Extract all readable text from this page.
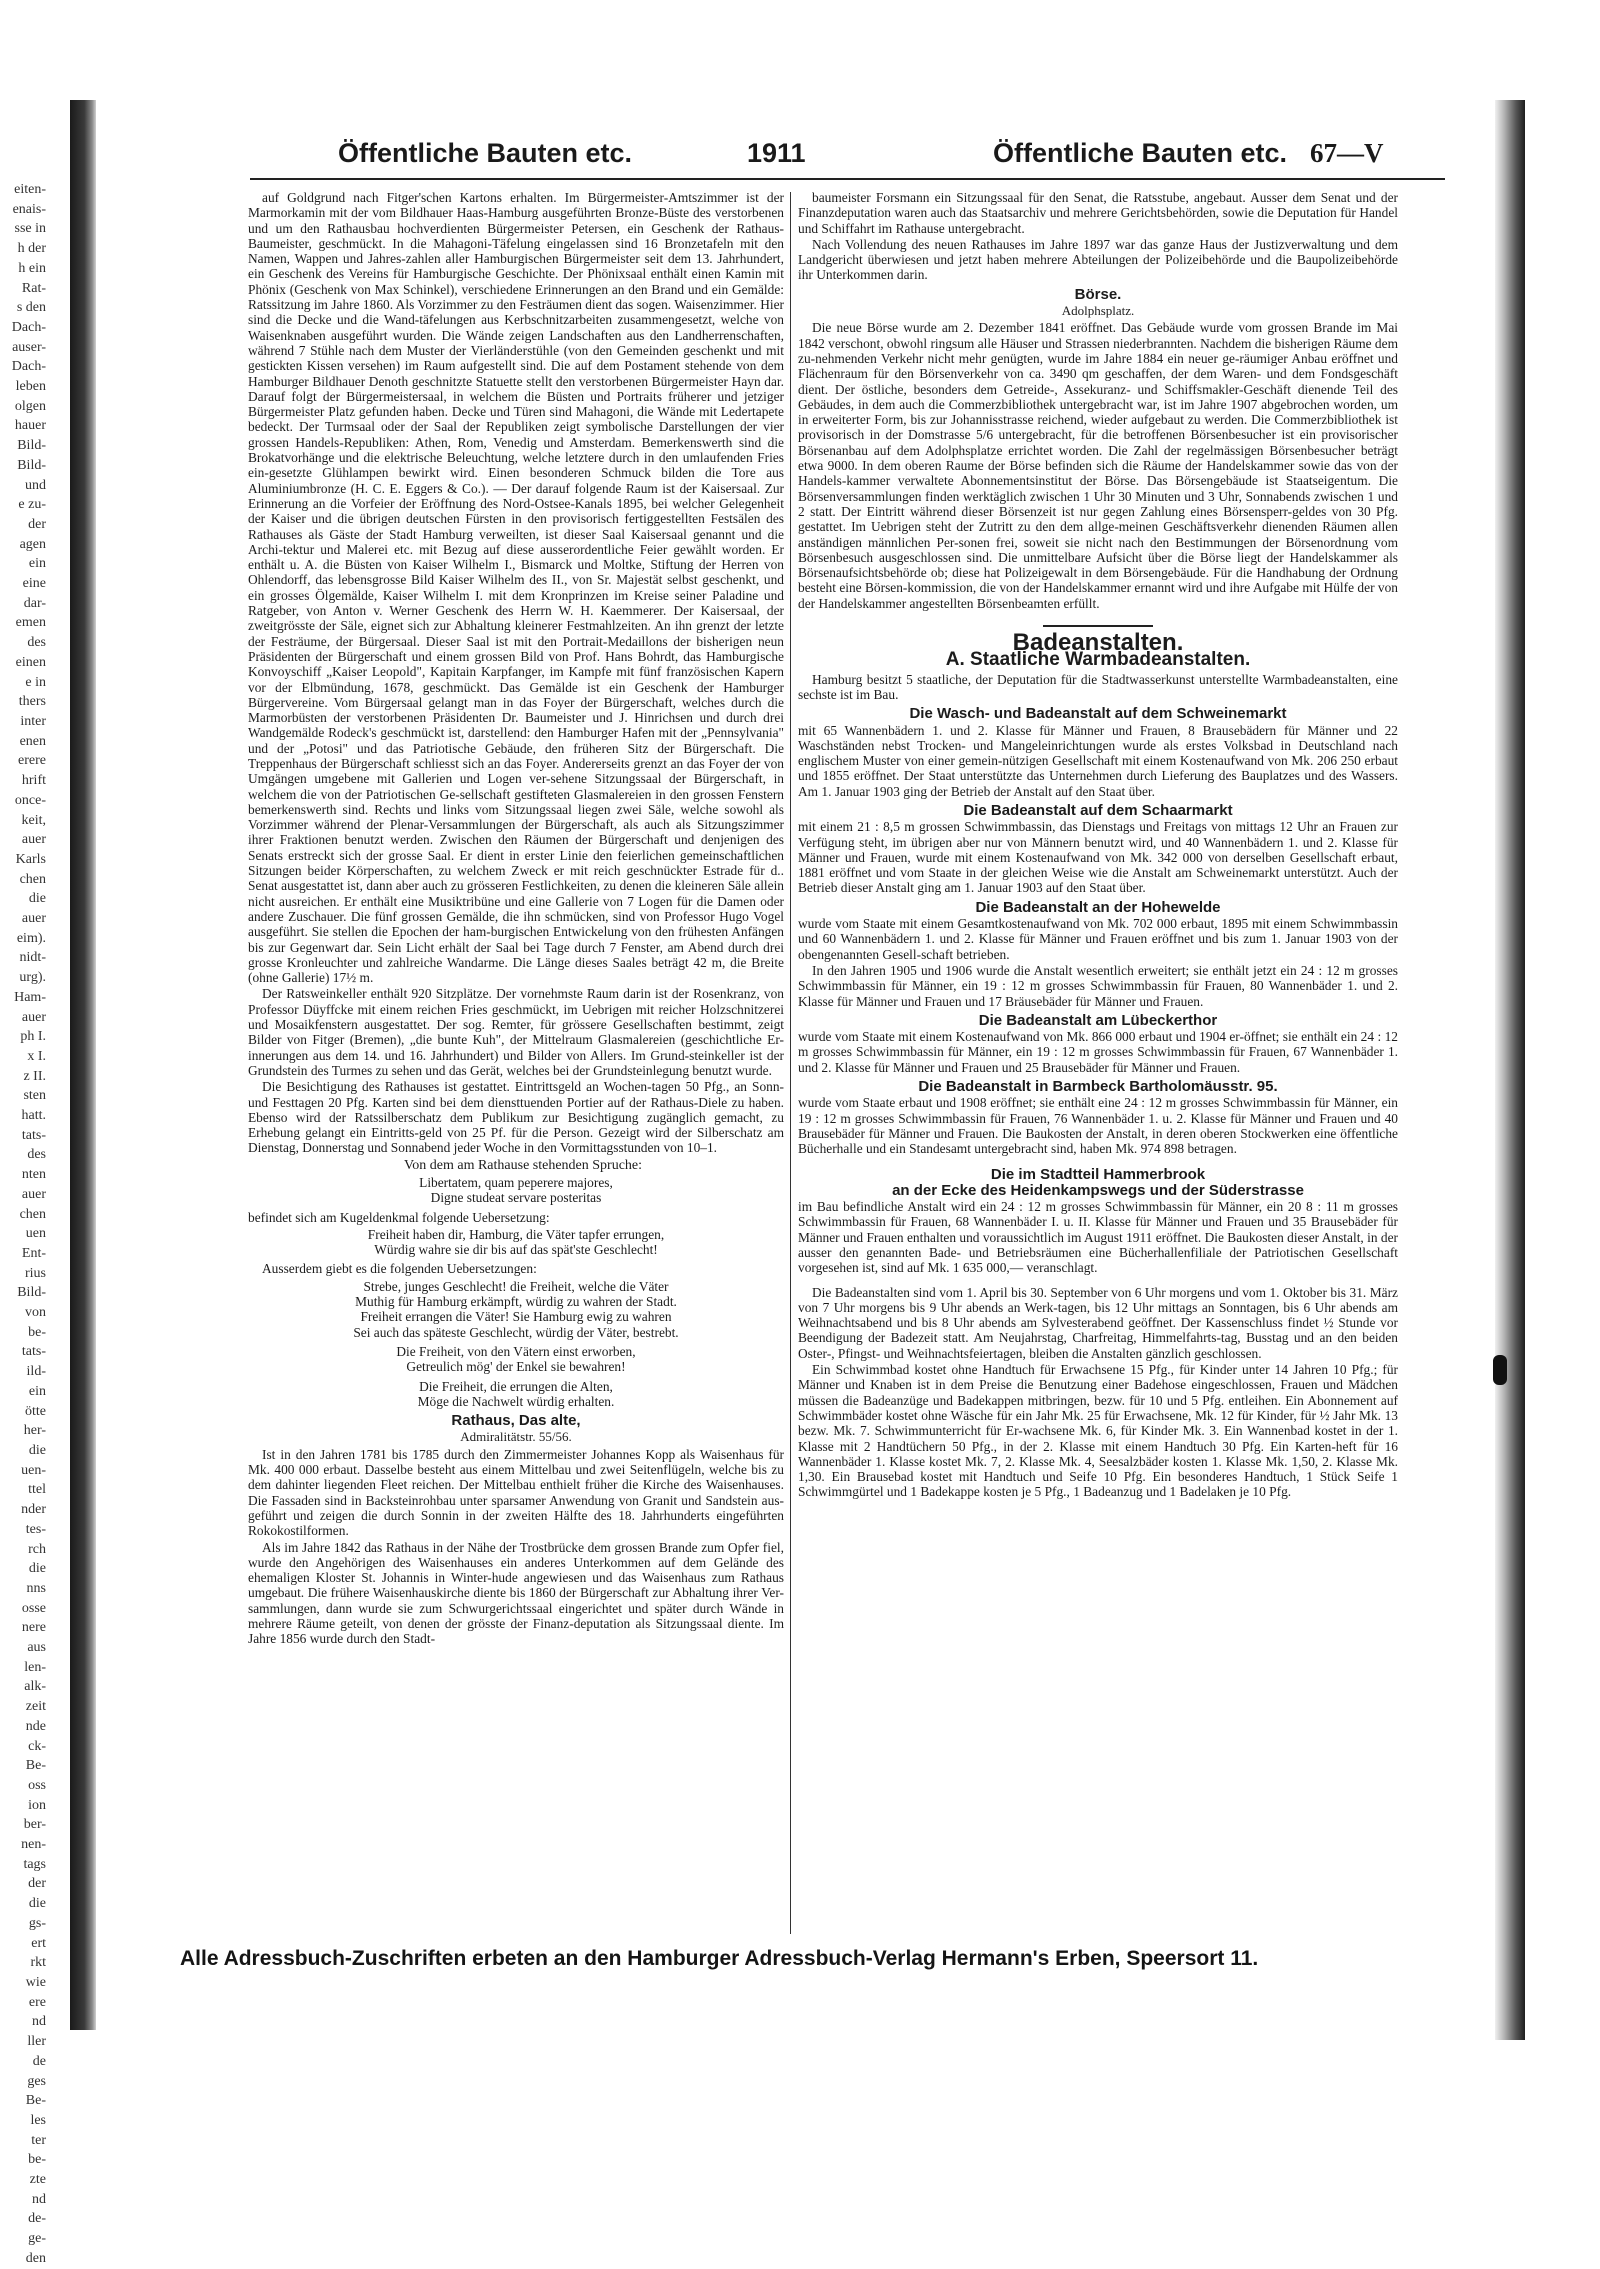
eiten-
enais-
sse in
h der
h ein
Rat-
s den
Dach-
auser-
Dach-
leben
olgen
hauer
Bild-
Bild-
und
e zu-
der
agen
ein
eine
dar-
emen
des
einen
e in
thers
inter
enen
erere
hrift
once-
keit,
auer
Karls
chen
die
auer
eim).
nidt-
urg).
Ham-
auer
ph I.
x I.
z II.
sten
hatt.
tats-
des
nten
auer
chen
uen
Ent-
rius
Bild-
von
be-
tats-
ild-
ein
ötte
her-
die
uen-
ttel
nder
tes-
rch
die
nns
osse
nere
aus
len-
alk-
zeit
nde
ck-
Be-
oss
ion
ber-
nen-
tags
der
die
gs-
ert
rkt
wie
ere
nd
ller
de
ges
Be-
les
ter
be-
zte
nd
de-
ge-
den
Öffentliche Bauten etc.	1911	Öffentliche Bauten etc. 67—V

auf Goldgrund nach Fitger'schen Kartons erhalten. Im Bürgermeister-Amtszimmer ist der Marmorkamin mit der vom Bildhauer Haas-Hamburg ausgeführten Bronze-Büste des verstorbenen und um den Rathausbau hochverdienten Bürgermeister Petersen, ein Geschenk der Rathaus-Baumeister, geschmückt. In die Mahagoni-Täfelung eingelassen sind 16 Bronzetafeln mit den Namen, Wappen und Jahres-zahlen aller Hamburgischen Bürgermeister seit dem 13. Jahrhundert, ein Geschenk des Vereins für Hamburgische Geschichte. Der Phönixsaal enthält einen Kamin mit Phönix (Geschenk von Max Schinkel), verschiedene Erinnerungen an den Brand und ein Gemälde: Ratssitzung im Jahre 1860. Als Vorzimmer zu den Festräumen dient das sogen. Waisenzimmer. Hier sind die Decke und die Wand-täfelungen aus Kerbschnitzarbeiten zusammengesetzt, welche von Waisenknaben ausgeführt wurden. Die Wände zeigen Landschaften aus den Landherrenschaften, während 7 Stühle nach dem Muster der Vierländerstühle (von den Gemeinden geschenkt und mit gestickten Kissen versehen) im Raum aufgestellt sind. Die auf dem Postament stehende von dem Hamburger Bildhauer Denoth geschnitzte Statuette stellt den verstorbenen Bürgermeister Hayn dar. Darauf folgt der Bürgermeistersaal, in welchem die Büsten und Portraits früherer und jetziger Bürgermeister Platz gefunden haben. Decke und Türen sind Mahagoni, die Wände mit Ledertapete bedeckt. Der Turmsaal oder der Saal der Republiken zeigt symbolische Darstellungen der vier grossen Handels-Republiken: Athen, Rom, Venedig und Amsterdam. Bemerkenswerth sind die Brokatvorhänge und die elektrische Beleuchtung, welche letztere durch in den umlaufenden Fries ein-gesetzte Glühlampen bewirkt wird. Einen besonderen Schmuck bilden die Tore aus Aluminiumbronze (H. C. E. Eggers & Co.). — Der darauf folgende Raum ist der Kaisersaal. Zur Erinnerung an die Vorfeier der Eröffnung des Nord-Ostsee-Kanals 1895, bei welcher Gelegenheit der Kaiser und die übrigen deutschen Fürsten in den provisorisch fertiggestellten Festsälen des Rathauses als Gäste der Stadt Hamburg verweilten, ist dieser Saal Kaisersaal genannt und die Archi-tektur und Malerei etc. mit Bezug auf diese ausserordentliche Feier gewählt worden. Er enthält u. A. die Büsten von Kaiser Wilhelm I., Bismarck und Moltke, Stiftung der Herren von Ohlendorff, das lebensgrosse Bild Kaiser Wilhelm des II., von Sr. Majestät selbst geschenkt, und ein grosses Ölgemälde, Kaiser Wilhelm I. mit dem Kronprinzen im Kreise seiner Paladine und Ratgeber, von Anton v. Werner Geschenk des Herrn W. H. Kaemmerer. Der Kaisersaal, der zweitgrösste der Säle, eignet sich zur Abhaltung kleinerer Festmahlzeiten. An ihn grenzt der letzte der Festräume, der Bürgersaal. Dieser Saal ist mit den Portrait-Medaillons der bisherigen neun Präsidenten der Bürgerschaft und einem grossen Bild von Prof. Hans Bohrdt, das Hamburgische Konvoyschiff „Kaiser Leopold", Kapitain Karpfanger, im Kampfe mit fünf französischen Kapern vor der Elbmündung, 1678, geschmückt. Das Gemälde ist ein Geschenk der Hamburger Bürgervereine. Vom Bürgersaal gelangt man in das Foyer der Bürgerschaft, welches durch die Marmorbüsten der verstorbenen Präsidenten Dr. Baumeister und J. Hinrichsen und durch drei Wandgemälde Rodeck's geschmückt ist, darstellend: den Hamburger Hafen mit der „Pennsylvania" und der „Potosi" und das Patriotische Gebäude, den früheren Sitz der Bürgerschaft. Die Treppenhaus der Bürgerschaft schliesst sich an das Foyer. Andererseits grenzt an das Foyer der von Umgängen umgebene mit Gallerien und Logen ver-sehene Sitzungssaal der Bürgerschaft, in welchem die von der Patriotischen Ge-sellschaft gestifteten Glasmalereien in den grossen Fenstern bemerkenswerth sind. Rechts und links vom Sitzungssaal liegen zwei Säle, welche sowohl als Vorzimmer während der Plenar-Versammlungen der Bürgerschaft, als auch als Sitzungszimmer ihrer Fraktionen benutzt werden. Zwischen den Räumen der Bürgerschaft und denjenigen des Senats erstreckt sich der grosse Saal. Er dient in erster Linie den feierlichen gemeinschaftlichen Sitzungen beider Körperschaften, zu welchem Zweck er mit reich geschnückter Estrade für d.. Senat ausgestattet ist, dann aber auch zu grösseren Festlichkeiten, zu denen die kleineren Säle allein nicht ausreichen. Er enthält eine Musiktribüne und eine Gallerie von 7 Logen für die Damen oder andere Zuschauer. Die fünf grossen Gemälde, die ihn schmücken, sind von Professor Hugo Vogel ausgeführt. Sie stellen die Epochen der ham-burgischen Entwickelung von den frühesten Anfängen bis zur Gegenwart dar. Sein Licht erhält der Saal bei Tage durch 7 Fenster, am Abend durch drei grosse Kronleuchter und zahlreiche Wandarme. Die Länge dieses Saales beträgt 42 m, die Breite (ohne Gallerie) 17½ m.

Der Ratsweinkeller enthält 920 Sitzplätze. Der vornehmste Raum darin ist der Rosenkranz, von Professor Düyffcke mit einem reichen Fries geschmückt, im Uebrigen mit reicher Holzschnitzerei und Mosaikfenstern ausgestattet. Der sog. Remter, für grössere Gesellschaften bestimmt, zeigt Bilder von Fitger (Bremen), „die bunte Kuh", der Mittelraum Glasmalereien (geschichtliche Er-innerungen aus dem 14. und 16. Jahrhundert) und Bilder von Allers. Im Grund-steinkeller ist der Grundstein des Turmes zu sehen und das Gerät, welches bei der Grundsteinlegung benutzt wurde.

Die Besichtigung des Rathauses ist gestattet. Eintrittsgeld an Wochen-tagen 50 Pfg., an Sonn- und Festtagen 20 Pfg. Karten sind bei dem diensttuenden Portier auf der Rathaus-Diele zu haben. Ebenso wird der Ratssilberschatz dem Publikum zur Besichtigung zugänglich gemacht, zu Erhebung gelangt ein Eintritts-geld von 25 Pf. für die Person. Gezeigt wird der Silberschatz am Dienstag, Donnerstag und Sonnabend jeder Woche in den Vormittagsstunden von 10–1.

Von dem am Rathause stehenden Spruche:

Libertatem, quam peperere majores,
Digne studeat servare posteritas

befindet sich am Kugeldenkmal folgende Uebersetzung:

Freiheit haben dir, Hamburg, die Väter tapfer errungen,
Würdig wahre sie dir bis auf das spät'ste Geschlecht!

Ausserdem giebt es die folgenden Uebersetzungen:

Strebe, junges Geschlecht! die Freiheit, welche die Väter
Muthig für Hamburg erkämpft, würdig zu wahren der Stadt.
Freiheit errangen die Väter! Sie Hamburg ewig zu wahren
Sei auch das späteste Geschlecht, würdig der Väter, bestrebt.
Die Freiheit, von den Vätern einst erworben,
Getreulich mög' der Enkel sie bewahren!
Die Freiheit, die errungen die Alten,
Möge die Nachwelt würdig erhalten.
Rathaus, Das alte,
Admiralitätstr. 55/56.

Ist in den Jahren 1781 bis 1785 durch den Zimmermeister Johannes Kopp als Waisenhaus für Mk. 400 000 erbaut. Dasselbe besteht aus einem Mittelbau und zwei Seitenflügeln, welche bis zu dem dahinter liegenden Fleet reichen. Der Mittelbau enthielt früher die Kirche des Waisenhauses. Die Fassaden sind in Backsteinrohbau unter sparsamer Anwendung von Granit und Sandstein aus-geführt und zeigen die durch Sonnin in der zweiten Hälfte des 18. Jahrhunderts eingeführten Rokokostilformen.

Als im Jahre 1842 das Rathaus in der Nähe der Trostbrücke dem grossen Brande zum Opfer fiel, wurde den Angehörigen des Waisenhauses ein anderes Unterkommen auf dem Gelände des ehemaligen Kloster St. Johannis in Winter-hude angewiesen und das Waisenhaus zum Rathaus umgebaut. Die frühere Waisenhauskirche diente bis 1860 der Bürgerschaft zur Abhaltung ihrer Ver-sammlungen, dann wurde sie zum Schwurgerichtssaal eingerichtet und später durch Wände in mehrere Räume geteilt, von denen der grösste der Finanz-deputation als Sitzungssaal diente. Im Jahre 1856 wurde durch den Stadt-

baumeister Forsmann ein Sitzungssaal für den Senat, die Ratsstube, angebaut. Ausser dem Senat und der Finanzdeputation waren auch das Staatsarchiv und mehrere Gerichtsbehörden, sowie die Deputation für Handel und Schiffahrt im Rathause untergebracht.

Nach Vollendung des neuen Rathauses im Jahre 1897 war das ganze Haus der Justizverwaltung und dem Landgericht überwiesen und jetzt haben mehrere Abteilungen der Polizeibehörde und die Baupolizeibehörde ihr Unterkommen darin.

Börse.
Adolphsplatz.

Die neue Börse wurde am 2. Dezember 1841 eröffnet. Das Gebäude wurde vom grossen Brande im Mai 1842 verschont, obwohl ringsum alle Häuser und Strassen niederbrannten. Nachdem die bisherigen Räume dem zu-nehmenden Verkehr nicht mehr genügten, wurde im Jahre 1884 ein neuer ge-räumiger Anbau eröffnet und Flächenraum für den Börsenverkehr von ca. 3490 qm geschaffen, der dem Waren- und dem Fondsgeschäft dient. Der östliche, besonders dem Getreide-, Assekuranz- und Schiffsmakler-Geschäft dienende Teil des Gebäudes, in dem auch die Commerzbibliothek untergebracht war, ist im Jahre 1907 abgebrochen worden, um in erweiterter Form, bis zur Johannisstrasse reichend, wieder aufgebaut zu werden. Die Commerzbibliothek ist provisorisch in der Domstrasse 5/6 untergebracht, für die betroffenen Börsenbesucher ist ein provisorischer Börsenanbau auf dem Adolphsplatze errichtet worden. Die Zahl der regelmässigen Börsenbesucher beträgt etwa 9000. In dem oberen Raume der Börse befinden sich die Räume der Handelskammer sowie das von der Handels-kammer verwaltete Abonnementsinstitut der Börse. Das Börsengebäude ist Staatseigentum. Die Börsenversammlungen finden werktäglich zwischen 1 Uhr 30 Minuten und 3 Uhr, Sonnabends zwischen 1 und 2 statt. Der Eintritt während dieser Börsenzeit ist nur gegen Zahlung eines Börsensperr-geldes von 30 Pfg. gestattet. Im Uebrigen steht der Zutritt zu den dem allge-meinen Geschäftsverkehr dienenden Räumen allen anständigen männlichen Per-sonen frei, soweit sie nicht nach den Bestimmungen der Börsenordnung vom Börsenbesuch ausgeschlossen sind. Die unmittelbare Aufsicht über die Börse liegt der Handelskammer als Börsenaufsichtsbehörde ob; diese hat Polizeigewalt in dem Börsengebäude. Für die Handhabung der Ordnung besteht eine Börsen-kommission, die von der Handelskammer ernannt wird und ihre Aufgabe mit Hülfe der von der Handelskammer angestellten Börsenbeamten erfüllt.

Badeanstalten.
A. Staatliche Warmbadeanstalten.

Hamburg besitzt 5 staatliche, der Deputation für die Stadtwasserkunst unterstellte Warmbadeanstalten, eine sechste ist im Bau.

Die Wasch- und Badeanstalt auf dem Schweinemarkt

mit 65 Wannenbädern 1. und 2. Klasse für Männer und Frauen, 8 Brausebädern für Männer und 22 Waschständen nebst Trocken- und Mangeleinrichtungen wurde als erstes Volksbad in Deutschland nach englischem Muster von einer gemein-nützigen Gesellschaft mit einem Kostenaufwand von Mk. 206 250 erbaut und 1855 eröffnet. Der Staat unterstützte das Unternehmen durch Lieferung des Bauplatzes und des Wassers. Am 1. Januar 1903 ging der Betrieb der Anstalt auf den Staat über.

Die Badeanstalt auf dem Schaarmarkt

mit einem 21 : 8,5 m grossen Schwimmbassin, das Dienstags und Freitags von mittags 12 Uhr an Frauen zur Verfügung steht, im übrigen aber nur von Männern benutzt wird, und 40 Wannenbädern 1. und 2. Klasse für Männer und Frauen, wurde mit einem Kostenaufwand von Mk. 342 000 von derselben Gesellschaft erbaut, 1881 eröffnet und vom Staate in der gleichen Weise wie die Anstalt am Schweinemarkt unterstützt. Auch der Betrieb dieser Anstalt ging am 1. Januar 1903 auf den Staat über.

Die Badeanstalt an der Hohewelde

wurde vom Staate mit einem Gesamtkostenaufwand von Mk. 702 000 erbaut, 1895 mit einem Schwimmbassin und 60 Wannenbädern 1. und 2. Klasse für Männer und Frauen eröffnet und bis zum 1. Januar 1903 von der obengenannten Gesell-schaft betrieben.

In den Jahren 1905 und 1906 wurde die Anstalt wesentlich erweitert; sie enthält jetzt ein 24 : 12 m grosses Schwimmbassin für Männer, ein 19 : 12 m grosses Schwimmbassin für Frauen, 80 Wannenbäder 1. und 2. Klasse für Männer und Frauen und 17 Bräusebäder für Männer und Frauen.

Die Badeanstalt am Lübeckerthor

wurde vom Staate mit einem Kostenaufwand von Mk. 866 000 erbaut und 1904 er-öffnet; sie enthält ein 24 : 12 m grosses Schwimmbassin für Männer, ein 19 : 12 m grosses Schwimmbassin für Frauen, 67 Wannenbäder 1. und 2. Klasse für Männer und Frauen und 25 Brausebäder für Männer und Frauen.

Die Badeanstalt in Barmbeck Bartholomäusstr. 95.

wurde vom Staate erbaut und 1908 eröffnet; sie enthält eine 24 : 12 m grosses Schwimmbassin für Männer, ein 19 : 12 m grosses Schwimmbassin für Frauen, 76 Wannenbäder 1. u. 2. Klasse für Männer und Frauen und 40 Brausebäder für Männer und Frauen. Die Baukosten der Anstalt, in deren oberen Stockwerken eine öffentliche Bücherhalle und ein Standesamt untergebracht sind, haben Mk. 974 898 betragen.

Die im Stadtteil Hammerbrook
an der Ecke des Heidenkampswegs und der Süderstrasse

im Bau befindliche Anstalt wird ein 24 : 12 m grosses Schwimmbassin für Männer, ein 20 8 : 11 m grosses Schwimmbassin für Frauen, 68 Wannenbäder I. u. II. Klasse für Männer und Frauen und 35 Brausebäder für Männer und Frauen enthalten und voraussichtlich im August 1911 eröffnet. Die Baukosten dieser Anstalt, in der ausser den genannten Bade- und Betriebsräumen eine Bücherhallenfiliale der Patriotischen Gesellschaft vorgesehen ist, sind auf Mk. 1 635 000,— veranschlagt.

Die Badeanstalten sind vom 1. April bis 30. September von 6 Uhr morgens und vom 1. Oktober bis 31. März von 7 Uhr morgens bis 9 Uhr abends an Werk-tagen, bis 12 Uhr mittags an Sonntagen, bis 6 Uhr abends am Weihnachtsabend und bis 8 Uhr abends am Sylvesterabend geöffnet. Der Kassenschluss findet ½ Stunde vor Beendigung der Badezeit statt. Am Neujahrstag, Charfreitag, Himmelfahrts-tag, Busstag und an den beiden Oster-, Pfingst- und Weihnachtsfeiertagen, bleiben die Anstalten gänzlich geschlossen.

Ein Schwimmbad kostet ohne Handtuch für Erwachsene 15 Pfg., für Kinder unter 14 Jahren 10 Pfg.; für Männer und Knaben ist in dem Preise die Benutzung einer Badehose eingeschlossen, Frauen und Mädchen müssen die Badeanzüge und Badekappen mitbringen, bezw. für 10 und 5 Pfg. entleihen. Ein Abonnement auf Schwimmbäder kostet ohne Wäsche für ein Jahr Mk. 25 für Erwachsene, Mk. 12 für Kinder, für ½ Jahr Mk. 13 bezw. Mk. 7. Schwimmunterricht für Er-wachsene Mk. 6, für Kinder Mk. 3. Ein Wannenbad kostet in der 1. Klasse mit 2 Handtüchern 50 Pfg., in der 2. Klasse mit einem Handtuch 30 Pfg. Ein Karten-heft für 16 Wannenbäder 1. Klasse kostet Mk. 7, 2. Klasse Mk. 4, Seesalzbäder kosten 1. Klasse Mk. 1,50, 2. Klasse Mk. 1,30. Ein Brausebad kostet mit Handtuch und Seife 10 Pfg. Ein besonderes Handtuch, 1 Stück Seife 1 Schwimmgürtel und 1 Badekappe kosten je 5 Pfg., 1 Badeanzug und 1 Badelaken je 10 Pfg.

Alle Adressbuch-Zuschriften erbeten an den Hamburger Adressbuch-Verlag Hermann's Erben, Speersort 11.
